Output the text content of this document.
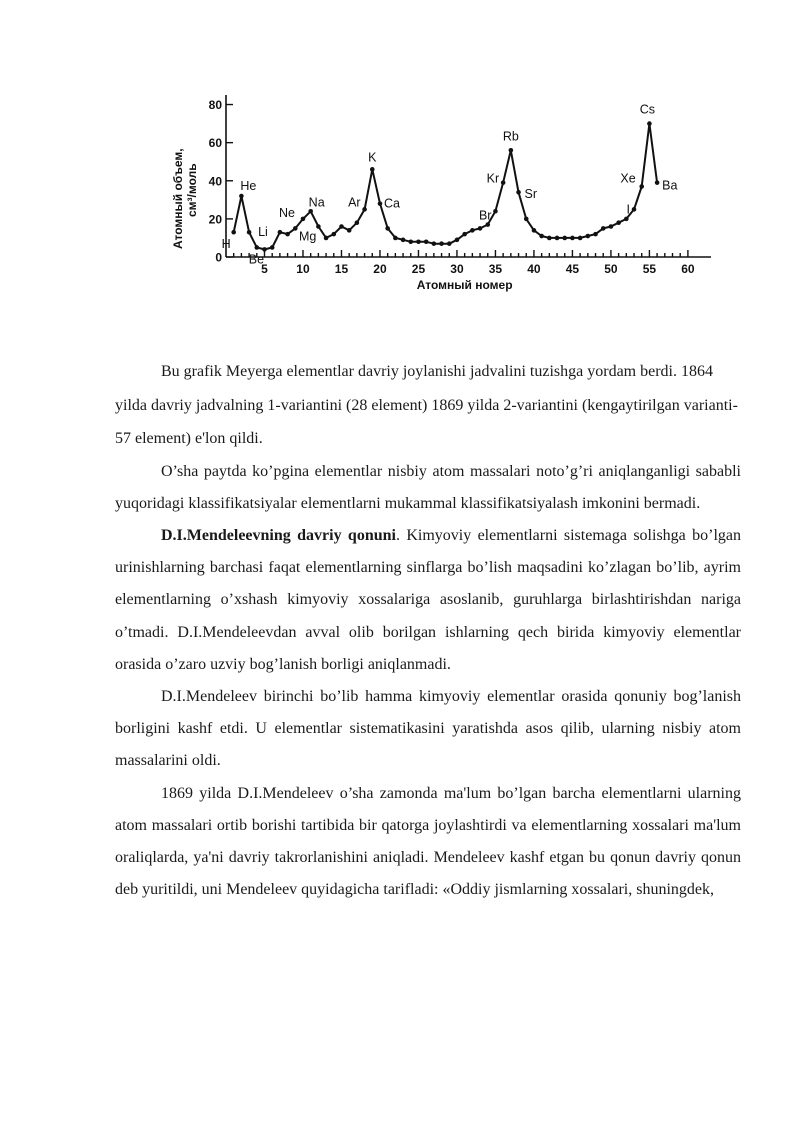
Атомный объем, см³/моль
Атомный номер
0
20
40
60
80
5 10 15 20 25 30 35 40 45 50 55 60
H
He
Li
Be
Ne
Na
Mg
Ar
K
Ca
Br
Kr
Rb
Sr
I
Xe
Cs
Ba

Bu grafik Meyerga elementlar davriy joylanishi jadvalini tuzishga yordam berdi. 1864 yilda davriy jadvalning 1-variantini (28 element) 1869 yilda 2-variantini (kengaytirilgan varianti- 57 element) e'lon qildi.

O’sha paytda ko’pgina elementlar nisbiy atom massalari noto’g’ri aniqlanganligi sababli yuqoridagi klassifikatsiyalar elementlarni mukammal klassifikatsiyalash imkonini bermadi.

D.I.Mendeleevning davriy qonuni. Kimyoviy elementlarni sistemaga solishga bo’lgan urinishlarning barchasi faqat elementlarning sinflarga bo’lish maqsadini ko’zlagan bo’lib, ayrim elementlarning o’xshash kimyoviy xossalariga asoslanib, guruhlarga birlashtirishdan nariga o’tmadi. D.I.Mendeleevdan avval olib borilgan ishlarning qech birida kimyoviy elementlar orasida o’zaro uzviy bog’lanish borligi aniqlanmadi.

D.I.Mendeleev birinchi bo’lib hamma kimyoviy elementlar orasida qonuniy bog’lanish borligini kashf etdi. U elementlar sistematikasini yaratishda asos qilib, ularning nisbiy atom massalarini oldi.

1869 yilda D.I.Mendeleev o’sha zamonda ma'lum bo’lgan barcha elementlarni ularning atom massalari ortib borishi tartibida bir qatorga joylashtirdi va elementlarning xossalari ma'lum oraliqlarda, ya'ni davriy takrorlanishini aniqladi. Mendeleev kashf etgan bu qonun davriy qonun deb yuritildi, uni Mendeleev quyidagicha tarifladi: «Oddiy jismlarning xossalari, shuningdek,
